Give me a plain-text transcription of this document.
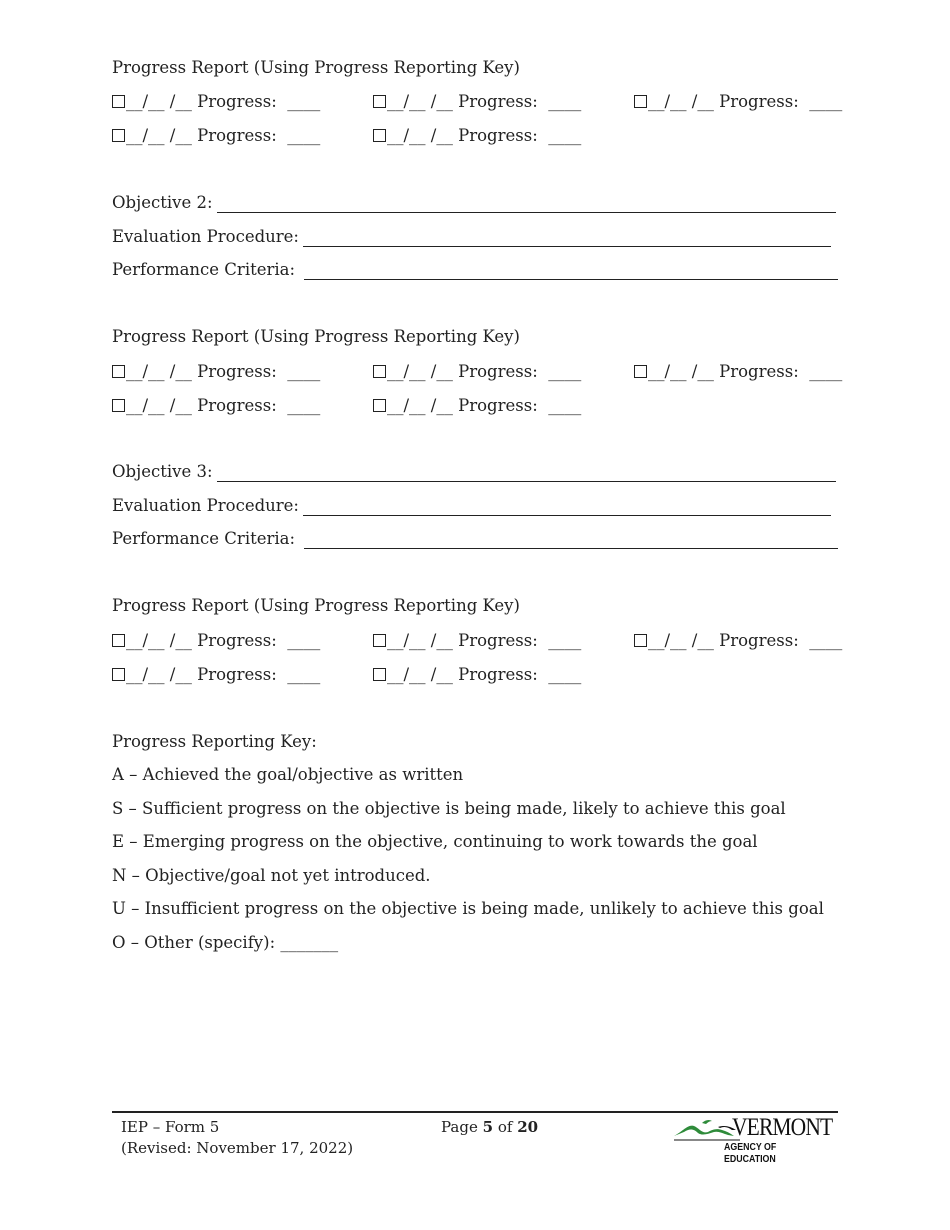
Progress Report (Using Progress Reporting Key)
__/__ /__ Progress: ____	__/__ /__ Progress: ____	__/__ /__ Progress: ____
__/__ /__ Progress: ____	__/__ /__ Progress: ____
Objective 2:
Evaluation Procedure:
Performance Criteria:
Progress Report (Using Progress Reporting Key)
__/__ /__ Progress: ____	__/__ /__ Progress: ____	__/__ /__ Progress: ____
__/__ /__ Progress: ____	__/__ /__ Progress: ____
Objective 3:
Evaluation Procedure:
Performance Criteria:
Progress Report (Using Progress Reporting Key)
__/__ /__ Progress: ____	__/__ /__ Progress: ____	__/__ /__ Progress: ____
__/__ /__ Progress: ____	__/__ /__ Progress: ____
Progress Reporting Key:
A – Achieved the goal/objective as written
S – Sufficient progress on the objective is being made, likely to achieve this goal
E – Emerging progress on the objective, continuing to work towards the goal
N – Objective/goal not yet introduced.
U – Insufficient progress on the objective is being made, unlikely to achieve this goal
O – Other (specify): _______
IEP – Form 5
(Revised: November 17, 2022)
Page 5 of 20	VERMONT
AGENCY OF EDUCATION
